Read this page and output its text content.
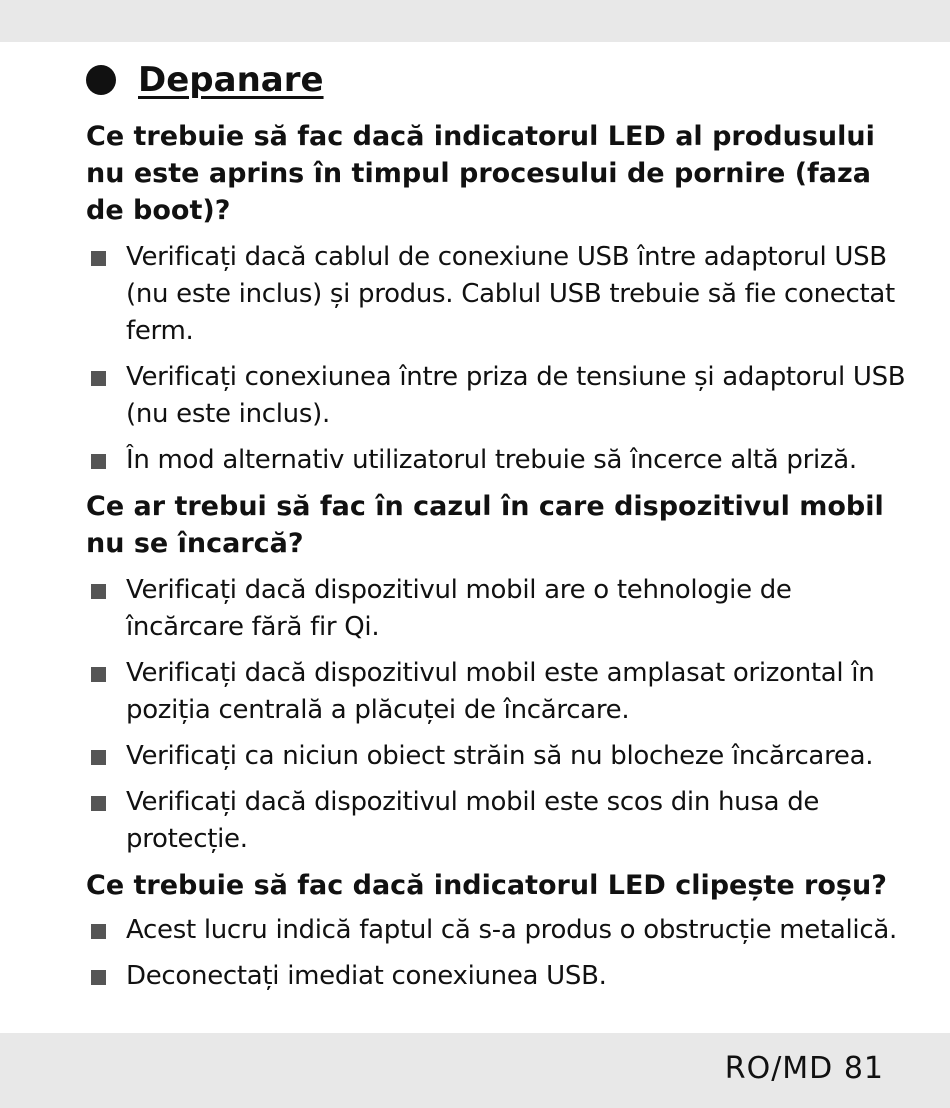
Depanare

Ce trebuie să fac dacă indicatorul LED al produsului nu este aprins în timpul procesului de pornire (faza de boot)?

Verificați dacă cablul de conexiune USB între adaptorul USB (nu este inclus) și produs. Cablul USB trebuie să fie conectat ferm.
Verificați conexiunea între priza de tensiune și adaptorul USB (nu este inclus).
În mod alternativ utilizatorul trebuie să încerce altă priză.

Ce ar trebui să fac în cazul în care dispozitivul mobil nu se încarcă?

Verificați dacă dispozitivul mobil are o tehnologie de încărcare fără fir Qi.
Verificați dacă dispozitivul mobil este amplasat orizontal în poziția centrală a plăcuței de încărcare.
Verificați ca niciun obiect străin să nu blocheze încărcarea.
Verificați dacă dispozitivul mobil este scos din husa de protecție.

Ce trebuie să fac dacă indicatorul LED clipește roșu?

Acest lucru indică faptul că s-a produs o obstrucție metalică.
Deconectați imediat conexiunea USB.
RO/MD 81
